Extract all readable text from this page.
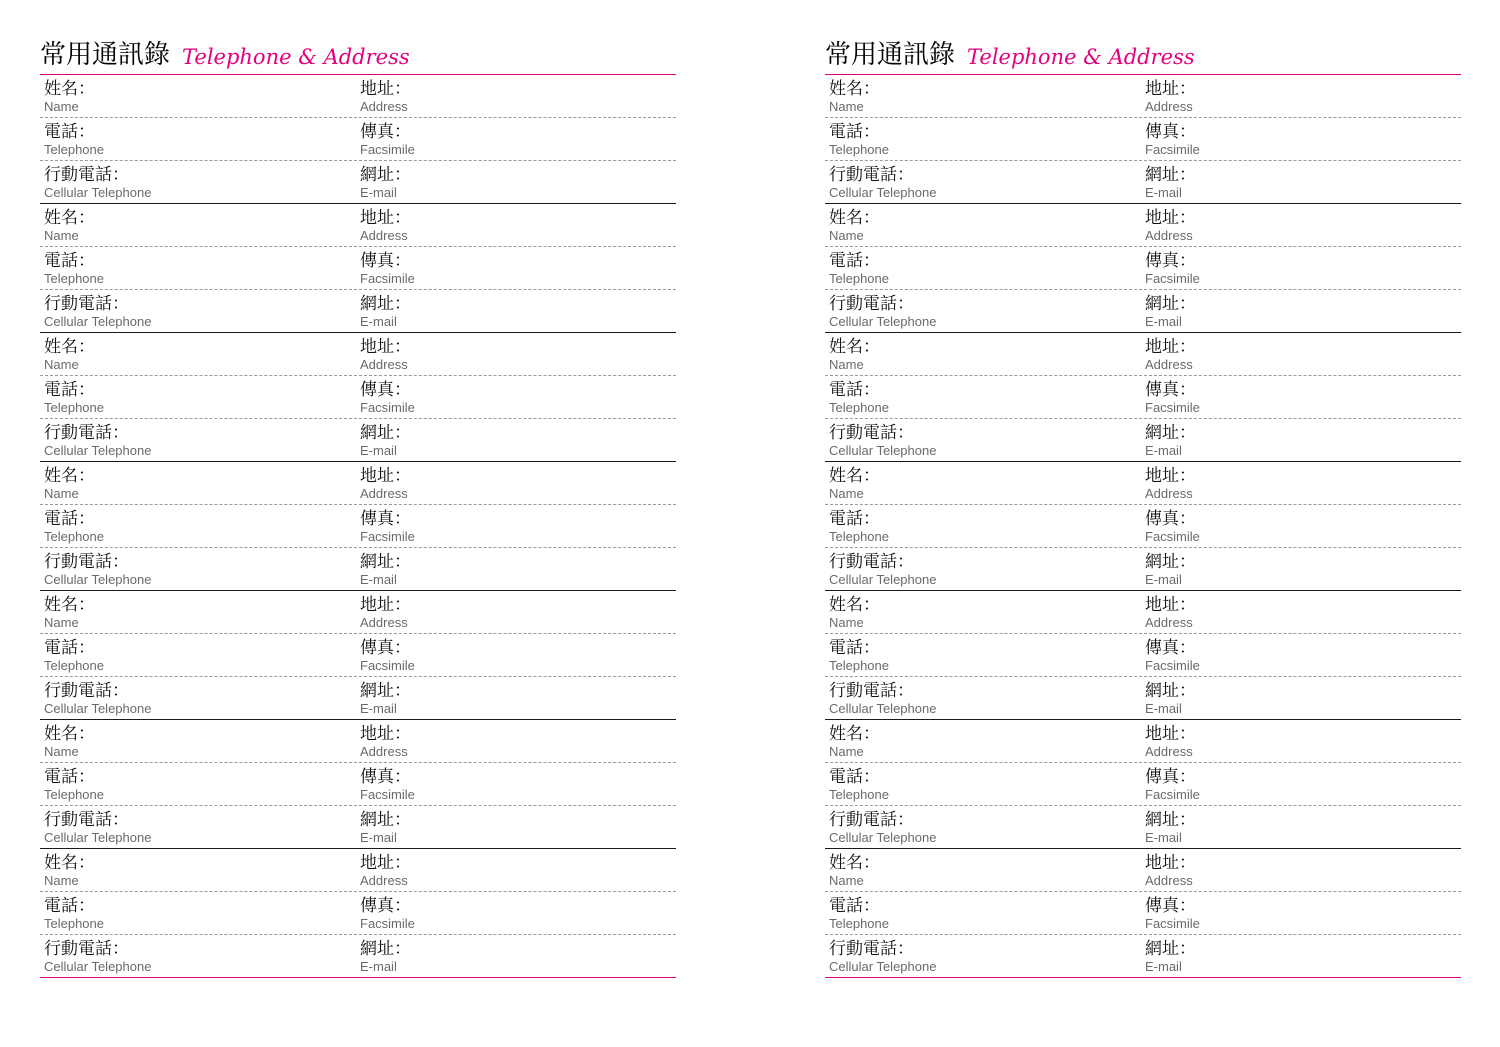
常用通訊錄 Telephone & Address
姓名：
Name
地址：
Address
電話：
Telephone
傳真：
Facsimile
行動電話：
Cellular Telephone
網址：
E-mail
姓名：
Name
地址：
Address
電話：
Telephone
傳真：
Facsimile
行動電話：
Cellular Telephone
網址：
E-mail
姓名：
Name
地址：
Address
電話：
Telephone
傳真：
Facsimile
行動電話：
Cellular Telephone
網址：
E-mail
姓名：
Name
地址：
Address
電話：
Telephone
傳真：
Facsimile
行動電話：
Cellular Telephone
網址：
E-mail
姓名：
Name
地址：
Address
電話：
Telephone
傳真：
Facsimile
行動電話：
Cellular Telephone
網址：
E-mail
姓名：
Name
地址：
Address
電話：
Telephone
傳真：
Facsimile
行動電話：
Cellular Telephone
網址：
E-mail
姓名：
Name
地址：
Address
電話：
Telephone
傳真：
Facsimile
行動電話：
Cellular Telephone
網址：
E-mail
常用通訊錄 Telephone & Address
姓名：
Name
地址：
Address
電話：
Telephone
傳真：
Facsimile
行動電話：
Cellular Telephone
網址：
E-mail
姓名：
Name
地址：
Address
電話：
Telephone
傳真：
Facsimile
行動電話：
Cellular Telephone
網址：
E-mail
姓名：
Name
地址：
Address
電話：
Telephone
傳真：
Facsimile
行動電話：
Cellular Telephone
網址：
E-mail
姓名：
Name
地址：
Address
電話：
Telephone
傳真：
Facsimile
行動電話：
Cellular Telephone
網址：
E-mail
姓名：
Name
地址：
Address
電話：
Telephone
傳真：
Facsimile
行動電話：
Cellular Telephone
網址：
E-mail
姓名：
Name
地址：
Address
電話：
Telephone
傳真：
Facsimile
行動電話：
Cellular Telephone
網址：
E-mail
姓名：
Name
地址：
Address
電話：
Telephone
傳真：
Facsimile
行動電話：
Cellular Telephone
網址：
E-mail
